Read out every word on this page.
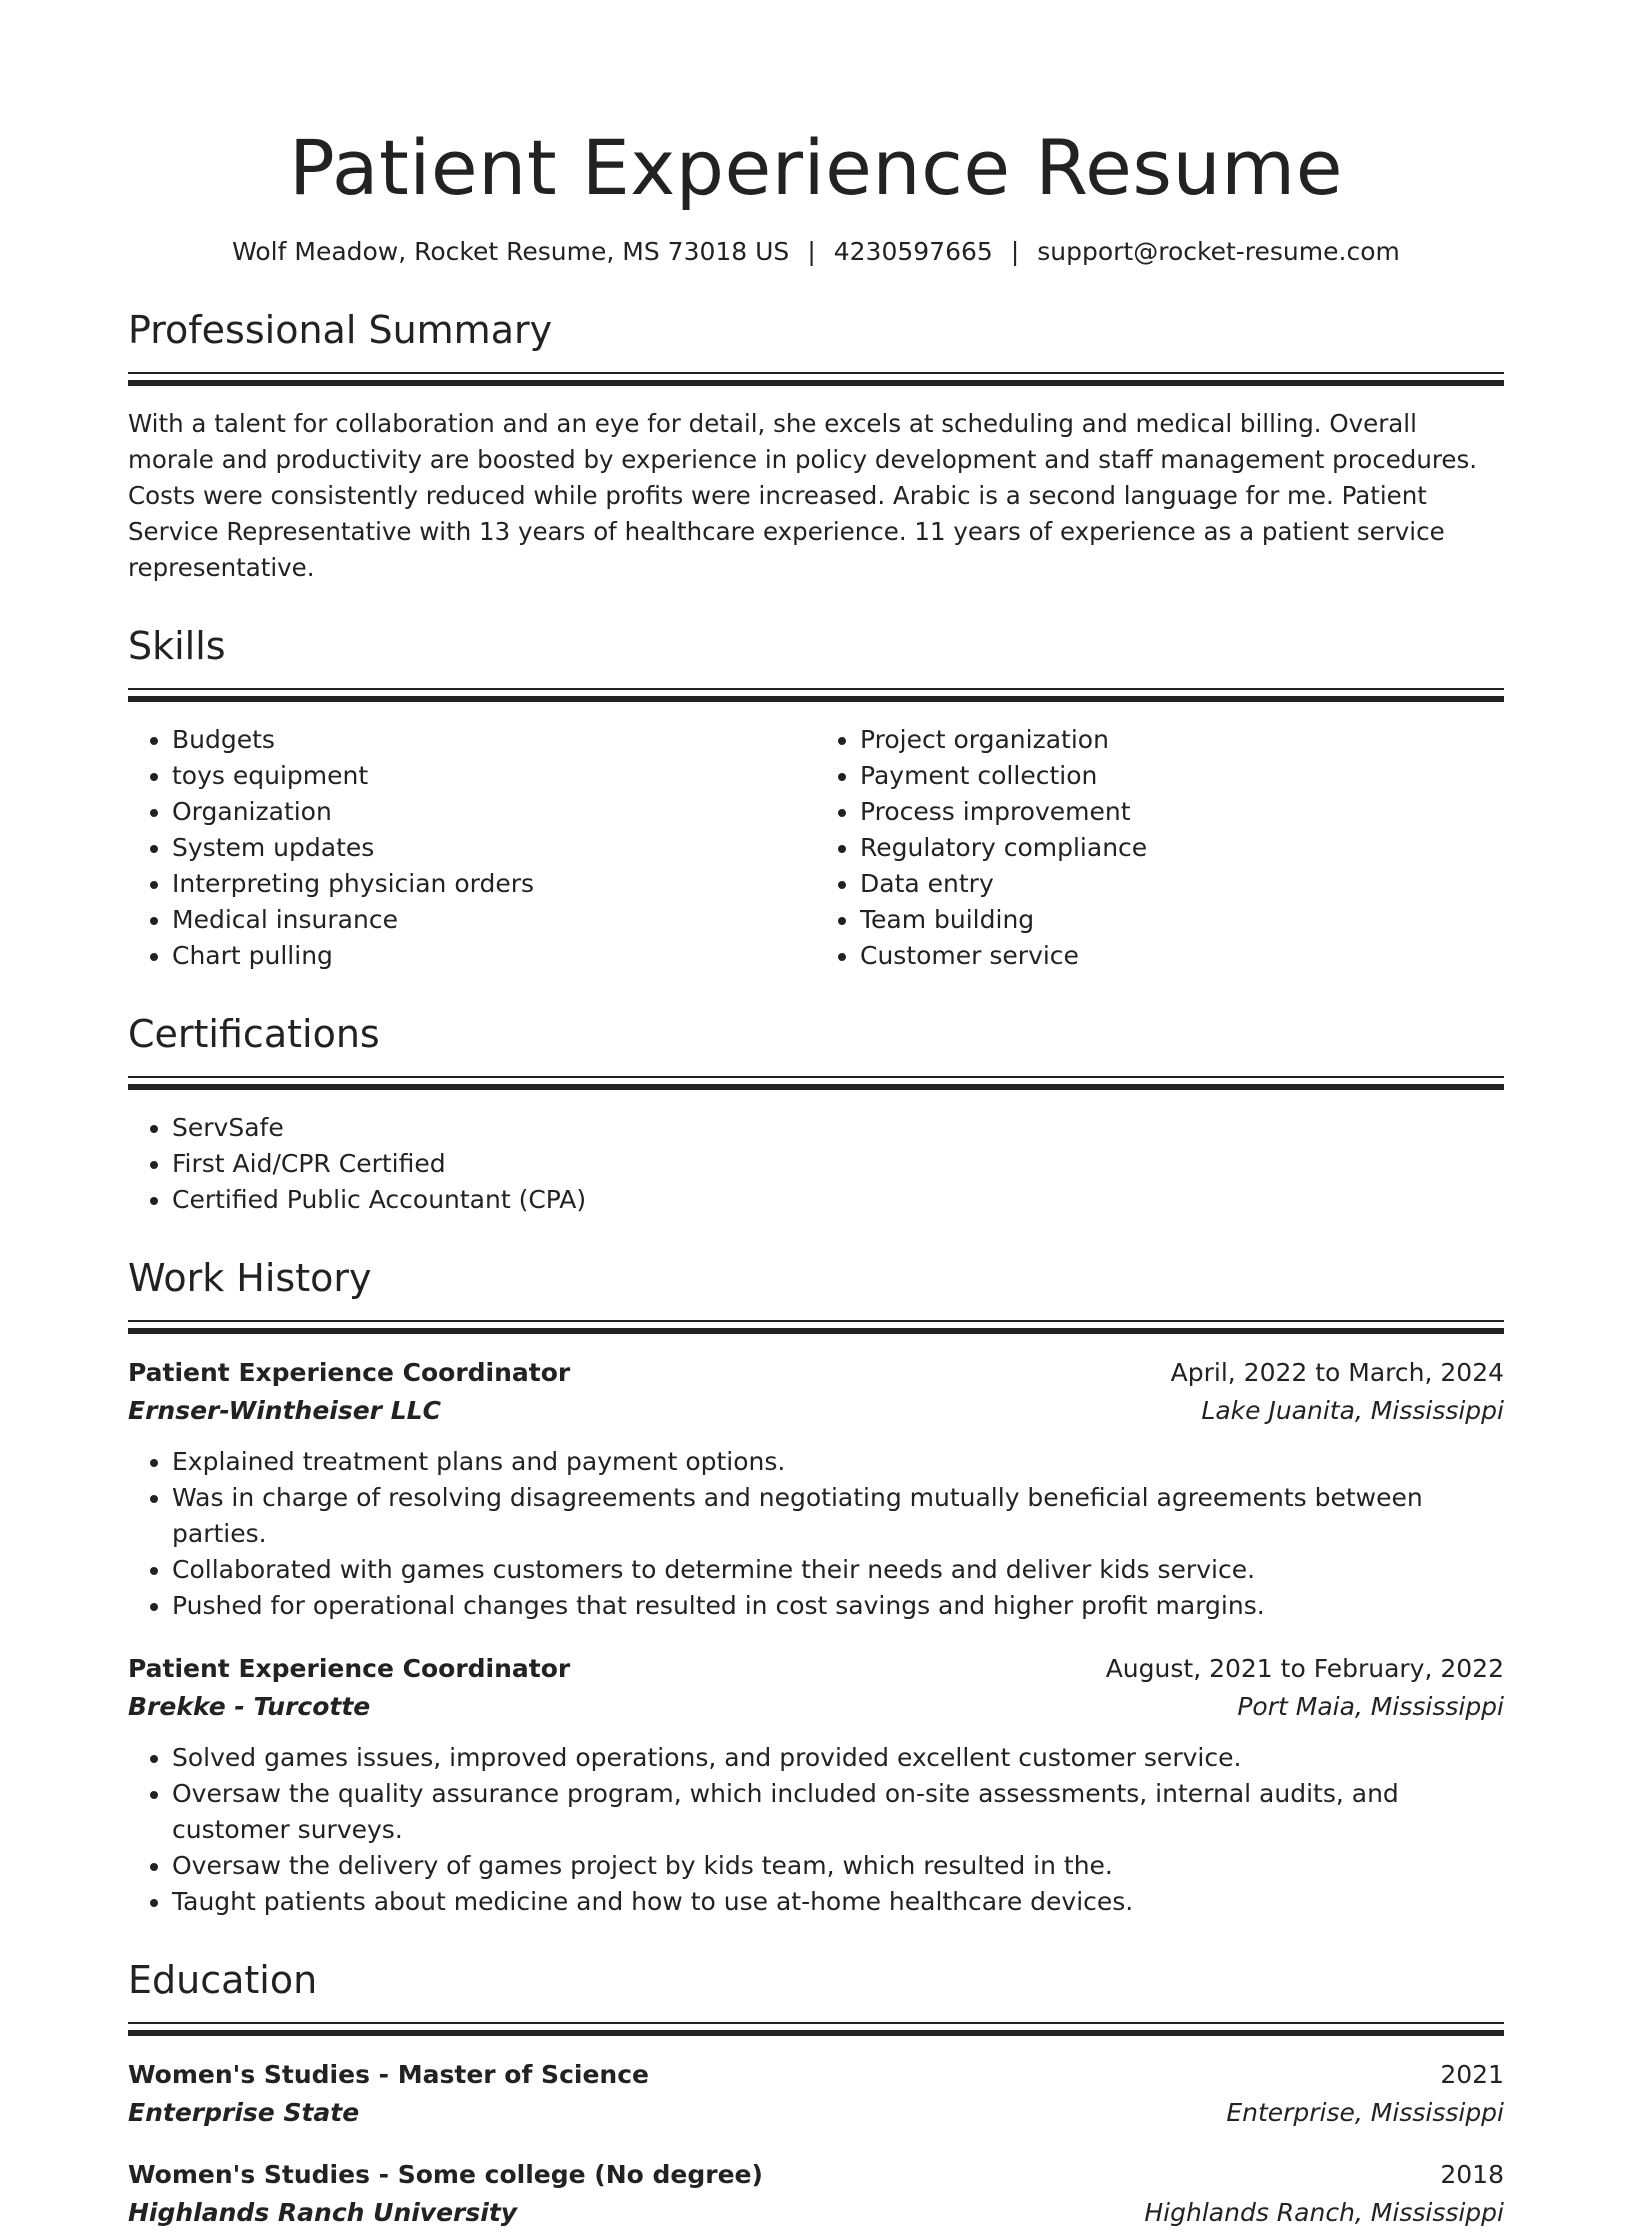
Patient Experience Resume
Wolf Meadow, Rocket Resume, MS 73018 US | 4230597665 | support@rocket-resume.com
Professional Summary

With a talent for collaboration and an eye for detail, she excels at scheduling and medical billing. Overall morale and productivity are boosted by experience in policy development and staff management procedures. Costs were consistently reduced while profits were increased. Arabic is a second language for me. Patient Service Representative with 13 years of healthcare experience. 11 years of experience as a patient service representative.

Skills
• Budgets
• toys equipment
• Organization
• System updates
• Interpreting physician orders
• Medical insurance
• Chart pulling
• Project organization
• Payment collection
• Process improvement
• Regulatory compliance
• Data entry
• Team building
• Customer service
Certifications
• ServSafe
• First Aid/CPR Certified
• Certified Public Accountant (CPA)
Work History
Patient Experience Coordinator	April, 2022 to March, 2024
Ernser-Wintheiser LLC	Lake Juanita, Mississippi
• Explained treatment plans and payment options.
• Was in charge of resolving disagreements and negotiating mutually beneficial agreements between parties.
• Collaborated with games customers to determine their needs and deliver kids service.
• Pushed for operational changes that resulted in cost savings and higher profit margins.
Patient Experience Coordinator	August, 2021 to February, 2022
Brekke - Turcotte	Port Maia, Mississippi
• Solved games issues, improved operations, and provided excellent customer service.
• Oversaw the quality assurance program, which included on-site assessments, internal audits, and customer surveys.
• Oversaw the delivery of games project by kids team, which resulted in the.
• Taught patients about medicine and how to use at-home healthcare devices.
Education
Women's Studies - Master of Science	2021
Enterprise State	Enterprise, Mississippi
Women's Studies - Some college (No degree)	2018
Highlands Ranch University	Highlands Ranch, Mississippi
